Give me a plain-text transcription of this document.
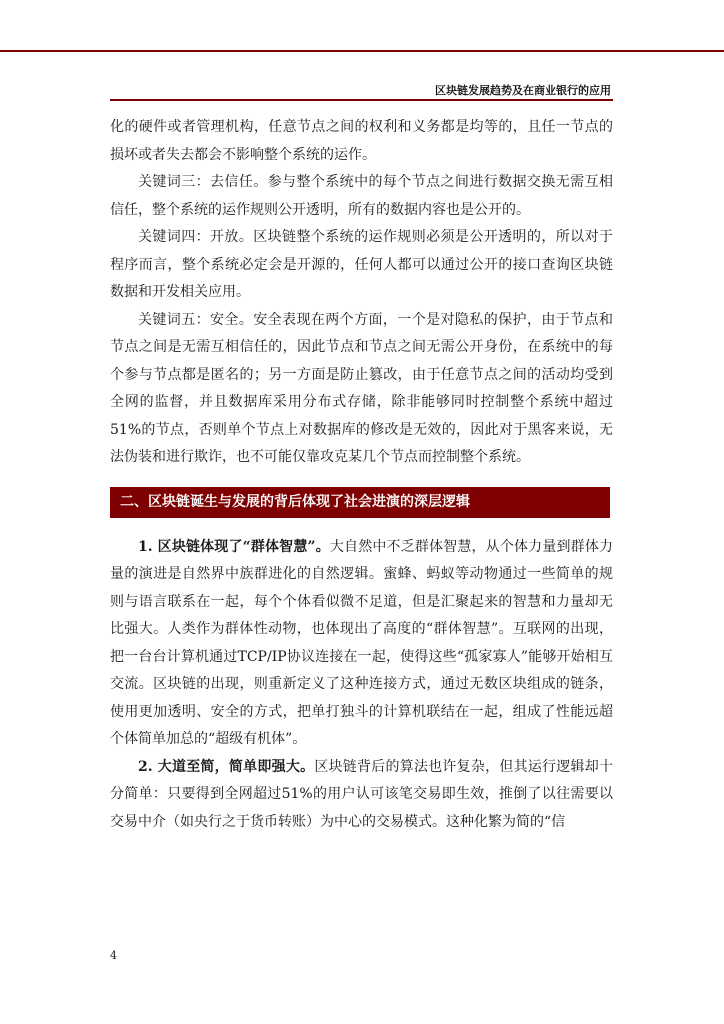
区块链发展趋势及在商业银行的应用

化的硬件或者管理机构，任意节点之间的权利和义务都是均等的，且任一节点的损坏或者失去都会不影响整个系统的运作。

关键词三：去信任。参与整个系统中的每个节点之间进行数据交换无需互相信任，整个系统的运作规则公开透明，所有的数据内容也是公开的。

关键词四：开放。区块链整个系统的运作规则必须是公开透明的，所以对于程序而言，整个系统必定会是开源的，任何人都可以通过公开的接口查询区块链数据和开发相关应用。

关键词五：安全。安全表现在两个方面，一个是对隐私的保护，由于节点和节点之间是无需互相信任的，因此节点和节点之间无需公开身份，在系统中的每个参与节点都是匿名的；另一方面是防止篡改，由于任意节点之间的活动均受到全网的监督，并且数据库采用分布式存储，除非能够同时控制整个系统中超过51%的节点，否则单个节点上对数据库的修改是无效的，因此对于黑客来说，无法伪装和进行欺诈，也不可能仅靠攻克某几个节点而控制整个系统。

二、区块链诞生与发展的背后体现了社会进演的深层逻辑

1. 区块链体现了“群体智慧”。大自然中不乏群体智慧，从个体力量到群体力量的演进是自然界中族群进化的自然逻辑。蜜蜂、蚂蚁等动物通过一些简单的规则与语言联系在一起，每个个体看似微不足道，但是汇聚起来的智慧和力量却无比强大。人类作为群体性动物，也体现出了高度的“群体智慧”。互联网的出现，把一台台计算机通过TCP/IP协议连接在一起，使得这些“孤家寡人”能够开始相互交流。区块链的出现，则重新定义了这种连接方式，通过无数区块组成的链条，使用更加透明、安全的方式，把单打独斗的计算机联结在一起，组成了性能远超个体简单加总的“超级有机体”。

2. 大道至简，简单即强大。区块链背后的算法也许复杂，但其运行逻辑却十分简单：只要得到全网超过51%的用户认可该笔交易即生效，推倒了以往需要以交易中介（如央行之于货币转账）为中心的交易模式。这种化繁为简的“信

4
